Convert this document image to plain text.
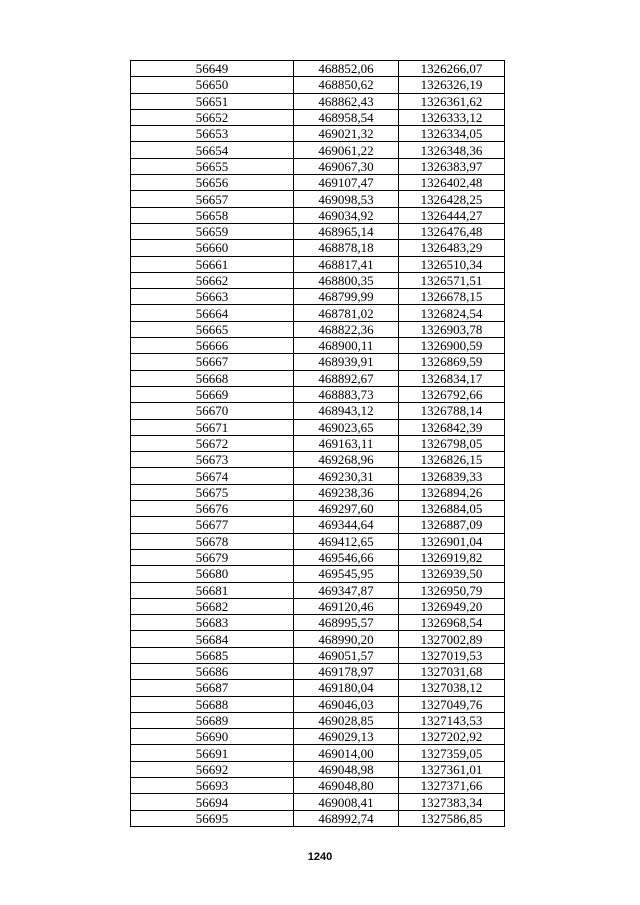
56649	468852,06	1326266,07
56650	468850,62	1326326,19
56651	468862,43	1326361,62
56652	468958,54	1326333,12
56653	469021,32	1326334,05
56654	469061,22	1326348,36
56655	469067,30	1326383,97
56656	469107,47	1326402,48
56657	469098,53	1326428,25
56658	469034,92	1326444,27
56659	468965,14	1326476,48
56660	468878,18	1326483,29
56661	468817,41	1326510,34
56662	468800,35	1326571,51
56663	468799,99	1326678,15
56664	468781,02	1326824,54
56665	468822,36	1326903,78
56666	468900,11	1326900,59
56667	468939,91	1326869,59
56668	468892,67	1326834,17
56669	468883,73	1326792,66
56670	468943,12	1326788,14
56671	469023,65	1326842,39
56672	469163,11	1326798,05
56673	469268,96	1326826,15
56674	469230,31	1326839,33
56675	469238,36	1326894,26
56676	469297,60	1326884,05
56677	469344,64	1326887,09
56678	469412,65	1326901,04
56679	469546,66	1326919,82
56680	469545,95	1326939,50
56681	469347,87	1326950,79
56682	469120,46	1326949,20
56683	468995,57	1326968,54
56684	468990,20	1327002,89
56685	469051,57	1327019,53
56686	469178,97	1327031,68
56687	469180,04	1327038,12
56688	469046,03	1327049,76
56689	469028,85	1327143,53
56690	469029,13	1327202,92
56691	469014,00	1327359,05
56692	469048,98	1327361,01
56693	469048,80	1327371,66
56694	469008,41	1327383,34
56695	468992,74	1327586,85
1240
